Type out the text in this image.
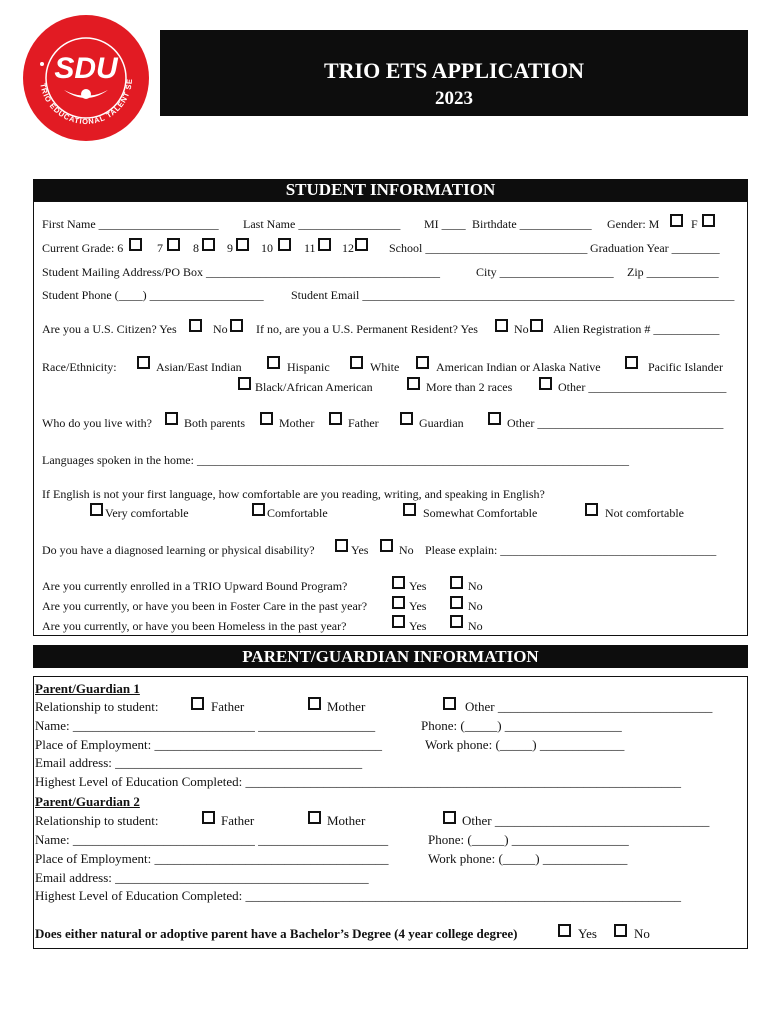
SDU
TRIO EDUCATIONAL TALENT SE	TRIO ETS APPLICATION
2023
STUDENT INFORMATION
First Name ____________________ Last Name _________________ MI ____ Birthdate ____________ Gender: M	F
Current Grade: 6	7	8 9 10	11 12	School ___________________________ Graduation Year ________
Student Mailing Address/PO Box _______________________________________	City ___________________ Zip ____________
Student Phone (____) ___________________ Student Email ______________________________________________________________
Are you a U.S. Citizen? Yes	No If no, are you a U.S. Permanent Resident? Yes	No Alien Registration # ___________
Race/Ethnicity:	Asian/East Indian	Hispanic	White	American Indian or Alaska Native	Pacific Islander
Black/African American	More than 2 races	Other _______________________
Who do you live with?	Both parents	Mother	Father	Guardian	Other _______________________________
Languages spoken in the home: ________________________________________________________________________
If English is not your first language, how comfortable are you reading, writing, and speaking in English?
Very comfortable	Comfortable	Somewhat Comfortable	Not comfortable
Do you have a diagnosed learning or physical disability?	Yes	No Please explain: ____________________________________
Are you currently enrolled in a TRIO Upward Bound Program?	Yes	No
Are you currently, or have you been in Foster Care in the past year?	Yes	No
Are you currently, or have you been Homeless in the past year?	Yes	No
PARENT/GUARDIAN INFORMATION
Parent/Guardian 1
Relationship to student:	Father	Mother	Other _________________________________
Name: ____________________________ __________________	Phone: (_____) __________________
Place of Employment: ___________________________________	Work phone: (_____) _____________
Email address: ______________________________________
Highest Level of Education Completed: ___________________________________________________________________
Parent/Guardian 2
Relationship to student:	Father	Mother	Other _________________________________
Name: ____________________________ ____________________	Phone: (_____) __________________
Place of Employment: ____________________________________	Work phone: (_____) _____________
Email address: _______________________________________
Highest Level of Education Completed: ___________________________________________________________________
Does either natural or adoptive parent have a Bachelor’s Degree (4 year college degree)	Yes	No
